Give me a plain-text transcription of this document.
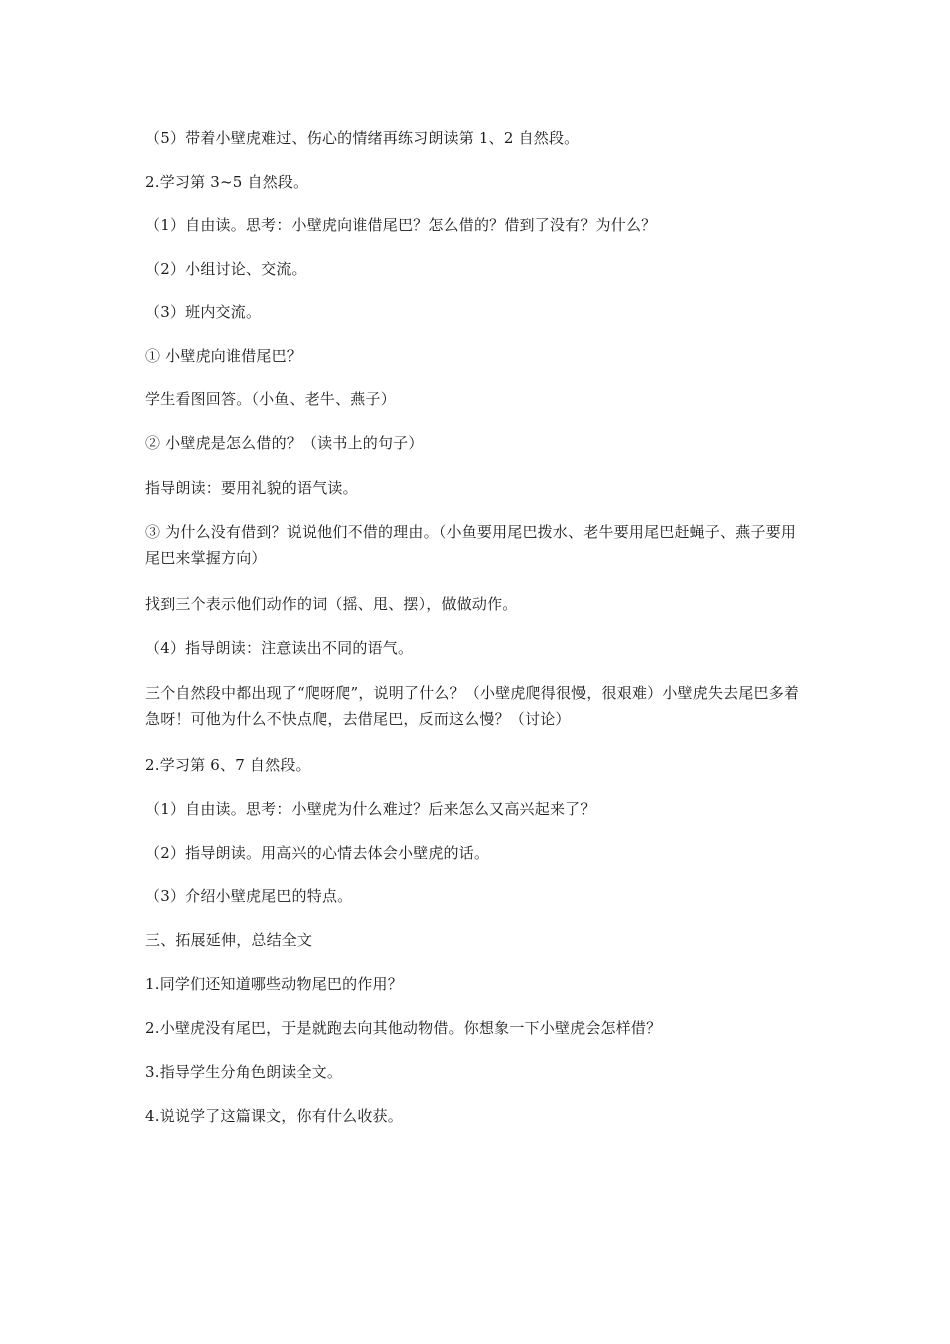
（5）带着小壁虎难过、伤心的情绪再练习朗读第 1、2 自然段。
2.学习第 3~5 自然段。
（1）自由读。思考：小壁虎向谁借尾巴？怎么借的？借到了没有？为什么？
（2）小组讨论、交流。
（3）班内交流。
① 小壁虎向谁借尾巴？
学生看图回答。（小鱼、老牛、燕子）
② 小壁虎是怎么借的？（读书上的句子）
指导朗读：要用礼貌的语气读。
③ 为什么没有借到？说说他们不借的理由。（小鱼要用尾巴拨水、老牛要用尾巴赶蝇子、燕子要用尾巴来掌握方向）
找到三个表示他们动作的词（摇、甩、摆），做做动作。
（4）指导朗读：注意读出不同的语气。
三个自然段中都出现了“爬呀爬”，说明了什么？（小壁虎爬得很慢，很艰难）小壁虎失去尾巴多着急呀！可他为什么不快点爬，去借尾巴，反而这么慢？（讨论）
2.学习第 6、7 自然段。
（1）自由读。思考：小壁虎为什么难过？后来怎么又高兴起来了？
（2）指导朗读。用高兴的心情去体会小壁虎的话。
（3）介绍小壁虎尾巴的特点。
三、拓展延伸，总结全文
1.同学们还知道哪些动物尾巴的作用？
2.小壁虎没有尾巴，于是就跑去向其他动物借。你想象一下小壁虎会怎样借？
3.指导学生分角色朗读全文。
4.说说学了这篇课文，你有什么收获。
